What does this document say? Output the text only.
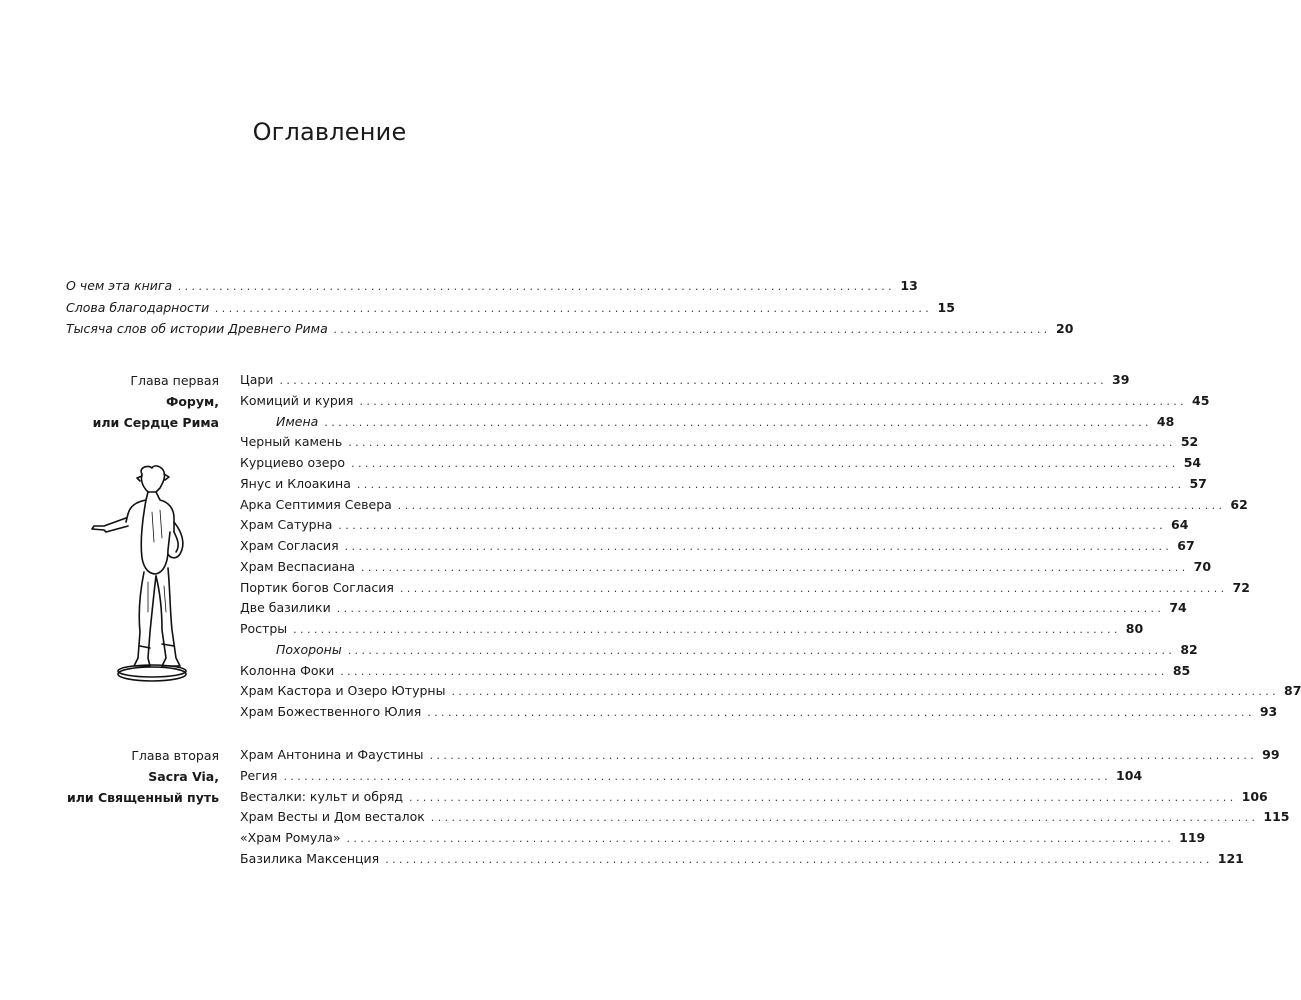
Оглавление
О чем эта книга ........................................................................................................ 13
Слова благодарности ........................................................................................................ 15
Тысяча слов об истории Древнего Рима ........................................................................................................ 20
Глава первая
Форум,
или Сердце Рима
Цари ........................................................................................................................ 39
Комиций и курия ........................................................................................................................ 45
Имена ........................................................................................................................ 48
Черный камень ........................................................................................................................ 52
Курциево озеро ........................................................................................................................ 54
Янус и Клоакина ........................................................................................................................ 57
Арка Септимия Севера ........................................................................................................................ 62
Храм Сатурна ........................................................................................................................ 64
Храм Согласия ........................................................................................................................ 67
Храм Веспасиана ........................................................................................................................ 70
Портик богов Согласия ........................................................................................................................ 72
Две базилики ........................................................................................................................ 74
Ростры ........................................................................................................................ 80
Похороны ........................................................................................................................ 82
Колонна Фоки ........................................................................................................................ 85
Храм Кастора и Озеро Ютурны ........................................................................................................................ 87
Храм Божественного Юлия ........................................................................................................................ 93
Глава вторая
Sacra Via,
или Священный путь
Храм Антонина и Фаустины ........................................................................................................................ 99
Регия ........................................................................................................................ 104
Весталки: культ и обряд ........................................................................................................................ 106
Храм Весты и Дом весталок ........................................................................................................................ 115
«Храм Ромула» ........................................................................................................................ 119
Базилика Максенция ........................................................................................................................ 121
